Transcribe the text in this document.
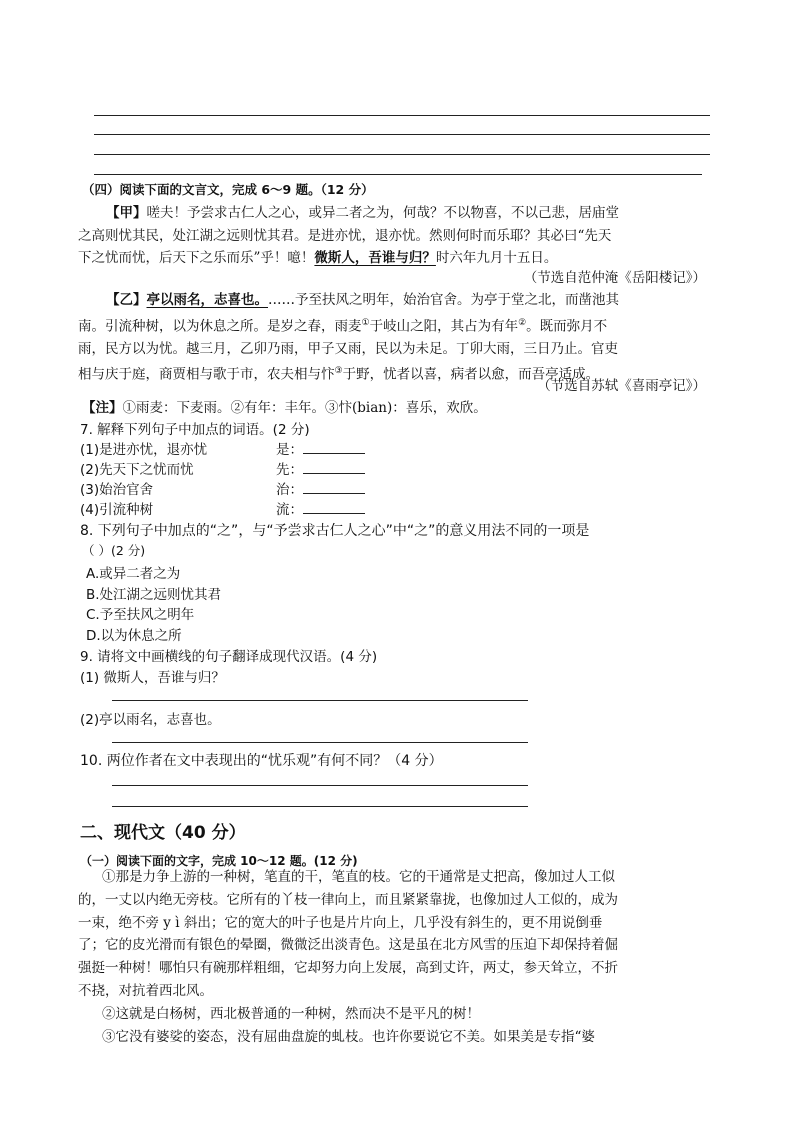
（四）阅读下面的文言文，完成 6～9 题。（12 分）
【甲】嗟夫！予尝求古仁人之心，或异二者之为，何哉？不以物喜，不以己悲，居庙堂
之高则忧其民，处江湖之远则忧其君。是进亦忧，退亦忧。然则何时而乐耶？其必曰“先天
下之忧而忧，后天下之乐而乐”乎！噫！微斯人，吾谁与归？时六年九月十五日。
（节选自范仲淹《岳阳楼记》）
【乙】亭以雨名，志喜也。……予至扶风之明年，始治官舍。为亭于堂之北，而凿池其
南。引流种树，以为休息之所。是岁之春，雨麦①于岐山之阳，其占为有年②。既而弥月不
雨，民方以为忧。越三月，乙卯乃雨，甲子又雨，民以为未足。丁卯大雨，三日乃止。官吏
相与庆于庭，商贾相与歌于市，农夫相与忭③于野，忧者以喜，病者以愈，而吾亭适成。
（节选自苏轼《喜雨亭记》）
【注】①雨麦：下麦雨。②有年：丰年。③忭(bian)：喜乐，欢欣。
7. 解释下列句子中加点的词语。(2 分)
(1)是进亦忧，退亦忧	是：
(2)先天下之忧而忧	先：
(3)始治官舍	治：
(4)引流种树	流：
8. 下列句子中加点的“之”，与“予尝求古仁人之心”中“之”的意义用法不同的一项是
（ ）(2 分)
A.或异二者之为
B.处江湖之远则忧其君
C.予至扶风之明年
D.以为休息之所
9. 请将文中画横线的句子翻译成现代汉语。(4 分)
(1) 微斯人，吾谁与归？
(2)亭以雨名，志喜也。
10. 两位作者在文中表现出的“忧乐观”有何不同？（4 分）
二、现代文（40 分）
（一）阅读下面的文字，完成 10～12 题。(12 分)
①那是力争上游的一种树，笔直的干，笔直的枝。它的干通常是丈把高，像加过人工似
的，一丈以内绝无旁枝。它所有的丫枝一律向上，而且紧紧靠拢，也像加过人工似的，成为
一束，绝不旁 y ì 斜出；它的宽大的叶子也是片片向上，几乎没有斜生的，更不用说倒垂
了；它的皮光滑而有银色的晕圈，微微泛出淡青色。这是虽在北方风雪的压迫下却保持着倔
强挺一种树！哪怕只有碗那样粗细，它却努力向上发展，高到丈许，两丈，参天耸立，不折
不挠，对抗着西北风。
②这就是白杨树，西北极普通的一种树，然而决不是平凡的树！
③它没有婆娑的姿态，没有屈曲盘旋的虬枝。也许你要说它不美。如果美是专指“婆
